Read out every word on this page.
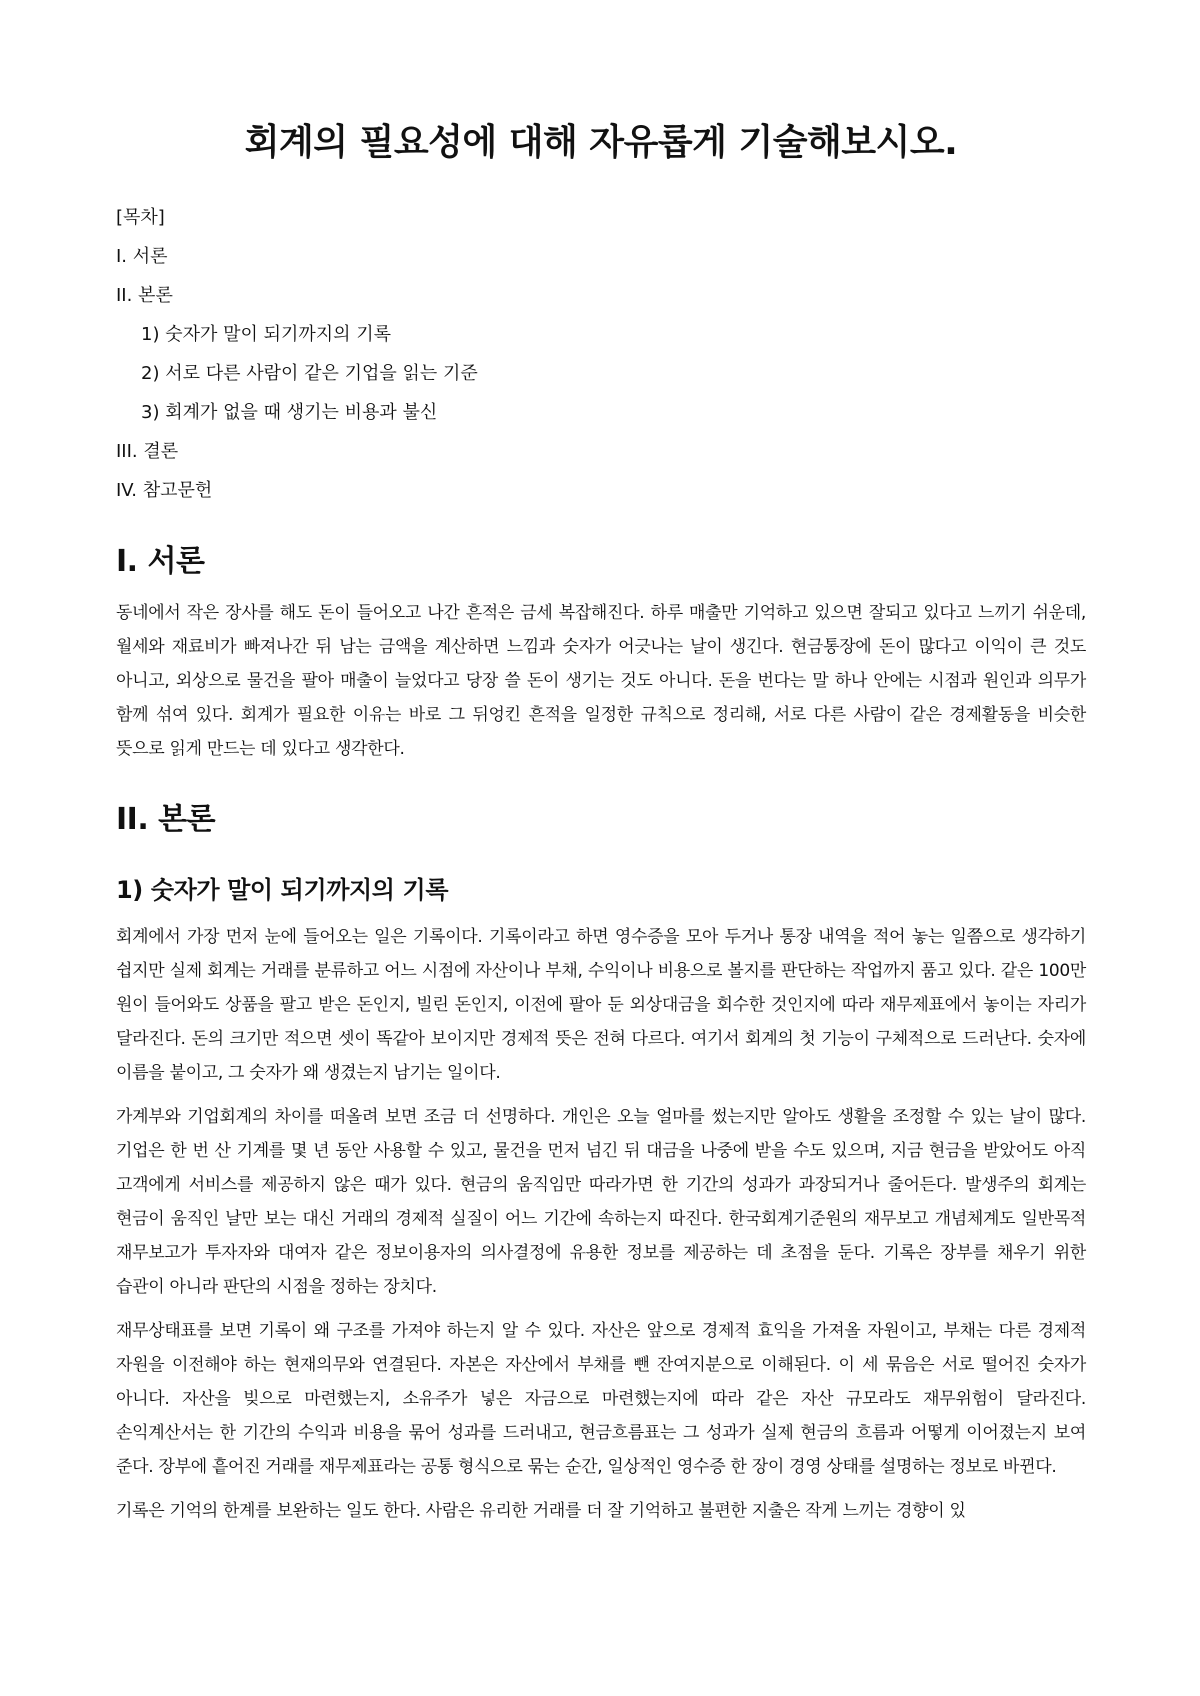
회계의 필요성에 대해 자유롭게 기술해보시오.
[목차]
I. 서론
II. 본론
1) 숫자가 말이 되기까지의 기록
2) 서로 다른 사람이 같은 기업을 읽는 기준
3) 회계가 없을 때 생기는 비용과 불신
III. 결론
IV. 참고문헌
I. 서론

동네에서 작은 장사를 해도 돈이 들어오고 나간 흔적은 금세 복잡해진다. 하루 매출만 기억하고 있으면 잘되고 있다고 느끼기 쉬운데, 월세와 재료비가 빠져나간 뒤 남는 금액을 계산하면 느낌과 숫자가 어긋나는 날이 생긴다. 현금통장에 돈이 많다고 이익이 큰 것도 아니고, 외상으로 물건을 팔아 매출이 늘었다고 당장 쓸 돈이 생기는 것도 아니다. 돈을 번다는 말 하나 안에는 시점과 원인과 의무가 함께 섞여 있다. 회계가 필요한 이유는 바로 그 뒤엉킨 흔적을 일정한 규칙으로 정리해, 서로 다른 사람이 같은 경제활동을 비슷한 뜻으로 읽게 만드는 데 있다고 생각한다.

II. 본론
1) 숫자가 말이 되기까지의 기록

회계에서 가장 먼저 눈에 들어오는 일은 기록이다. 기록이라고 하면 영수증을 모아 두거나 통장 내역을 적어 놓는 일쯤으로 생각하기 쉽지만 실제 회계는 거래를 분류하고 어느 시점에 자산이나 부채, 수익이나 비용으로 볼지를 판단하는 작업까지 품고 있다. 같은 100만 원이 들어와도 상품을 팔고 받은 돈인지, 빌린 돈인지, 이전에 팔아 둔 외상대금을 회수한 것인지에 따라 재무제표에서 놓이는 자리가 달라진다. 돈의 크기만 적으면 셋이 똑같아 보이지만 경제적 뜻은 전혀 다르다. 여기서 회계의 첫 기능이 구체적으로 드러난다. 숫자에 이름을 붙이고, 그 숫자가 왜 생겼는지 남기는 일이다.

가계부와 기업회계의 차이를 떠올려 보면 조금 더 선명하다. 개인은 오늘 얼마를 썼는지만 알아도 생활을 조정할 수 있는 날이 많다. 기업은 한 번 산 기계를 몇 년 동안 사용할 수 있고, 물건을 먼저 넘긴 뒤 대금을 나중에 받을 수도 있으며, 지금 현금을 받았어도 아직 고객에게 서비스를 제공하지 않은 때가 있다. 현금의 움직임만 따라가면 한 기간의 성과가 과장되거나 줄어든다. 발생주의 회계는 현금이 움직인 날만 보는 대신 거래의 경제적 실질이 어느 기간에 속하는지 따진다. 한국회계기준원의 재무보고 개념체계도 일반목적 재무보고가 투자자와 대여자 같은 정보이용자의 의사결정에 유용한 정보를 제공하는 데 초점을 둔다. 기록은 장부를 채우기 위한 습관이 아니라 판단의 시점을 정하는 장치다.

재무상태표를 보면 기록이 왜 구조를 가져야 하는지 알 수 있다. 자산은 앞으로 경제적 효익을 가져올 자원이고, 부채는 다른 경제적 자원을 이전해야 하는 현재의무와 연결된다. 자본은 자산에서 부채를 뺀 잔여지분으로 이해된다. 이 세 묶음은 서로 떨어진 숫자가 아니다. 자산을 빚으로 마련했는지, 소유주가 넣은 자금으로 마련했는지에 따라 같은 자산 규모라도 재무위험이 달라진다. 손익계산서는 한 기간의 수익과 비용을 묶어 성과를 드러내고, 현금흐름표는 그 성과가 실제 현금의 흐름과 어떻게 이어졌는지 보여 준다. 장부에 흩어진 거래를 재무제표라는 공통 형식으로 묶는 순간, 일상적인 영수증 한 장이 경영 상태를 설명하는 정보로 바뀐다.

기록은 기억의 한계를 보완하는 일도 한다. 사람은 유리한 거래를 더 잘 기억하고 불편한 지출은 작게 느끼는 경향이 있
